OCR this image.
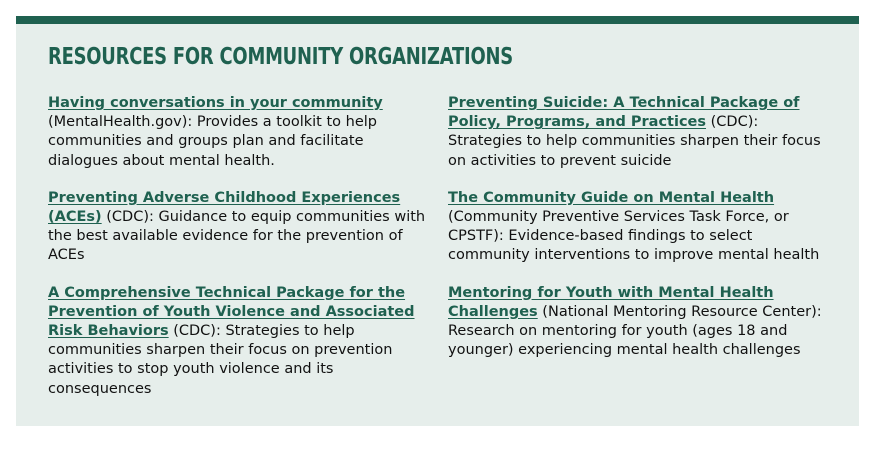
RESOURCES FOR COMMUNITY ORGANIZATIONS

Having conversations in your community (MentalHealth.gov): Provides a toolkit to help communities and groups plan and facilitate dialogues about mental health.

Preventing Adverse Childhood Experiences (ACEs) (CDC): Guidance to equip communities with the best available evidence for the prevention of ACEs

A Comprehensive Technical Package for the Prevention of Youth Violence and Associated Risk Behaviors (CDC): Strategies to help communities sharpen their focus on prevention activities to stop youth violence and its consequences

Preventing Suicide: A Technical Package of Policy, Programs, and Practices (CDC): Strategies to help communities sharpen their focus on activities to prevent suicide

The Community Guide on Mental Health (Community Preventive Services Task Force, or CPSTF): Evidence-based findings to select community interventions to improve mental health

Mentoring for Youth with Mental Health Challenges (National Mentoring Resource Center): Research on mentoring for youth (ages 18 and younger) experiencing mental health challenges
